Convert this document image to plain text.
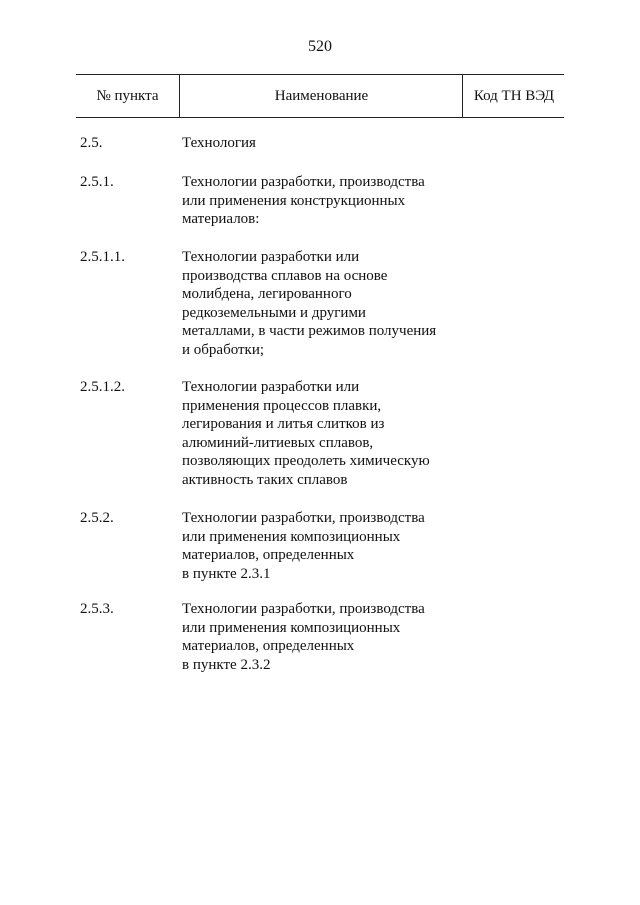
520
№ пункта	Наименование	Код ТН ВЭД
2.5.	Технология
2.5.1.	Технологии разработки, производства
или применения конструкционных
материалов:
2.5.1.1.	Технологии разработки или
производства сплавов на основе
молибдена, легированного
редкоземельными и другими
металлами, в части режимов получения
и обработки;
2.5.1.2.	Технологии разработки или
применения процессов плавки,
легирования и литья слитков из
алюминий-литиевых сплавов,
позволяющих преодолеть химическую
активность таких сплавов
2.5.2.	Технологии разработки, производства
или применения композиционных
материалов, определенных
в пункте 2.3.1
2.5.3.	Технологии разработки, производства
или применения композиционных
материалов, определенных
в пункте 2.3.2
